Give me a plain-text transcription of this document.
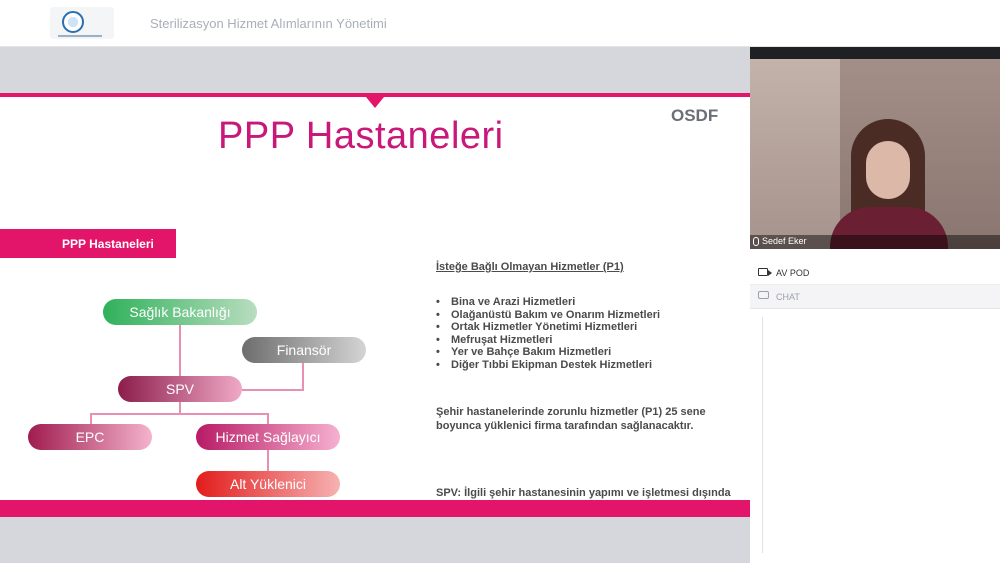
Sterilizasyon Hizmet Alımlarının Yönetimi
OSDF
PPP Hastaneleri
PPP Hastaneleri
Sağlık Bakanlığı
Finansör
SPV
EPC	Hizmet Sağlayıcı
Alt Yüklenici
İsteğe Bağlı Olmayan Hizmetler (P1)
• Bina ve Arazi Hizmetleri
• Olağanüstü Bakım ve Onarım Hizmetleri
• Ortak Hizmetler Yönetimi Hizmetleri
• Mefruşat Hizmetleri
• Yer ve Bahçe Bakım Hizmetleri
• Diğer Tıbbi Ekipman Destek Hizmetleri
Şehir hastanelerinde zorunlu hizmetler (P1) 25 sene boyunca yüklenici firma tarafından sağlanacaktır.
SPV: İlgili şehir hastanesinin yapımı ve işletmesi dışında
Sedef Eker
AV POD
CHAT
